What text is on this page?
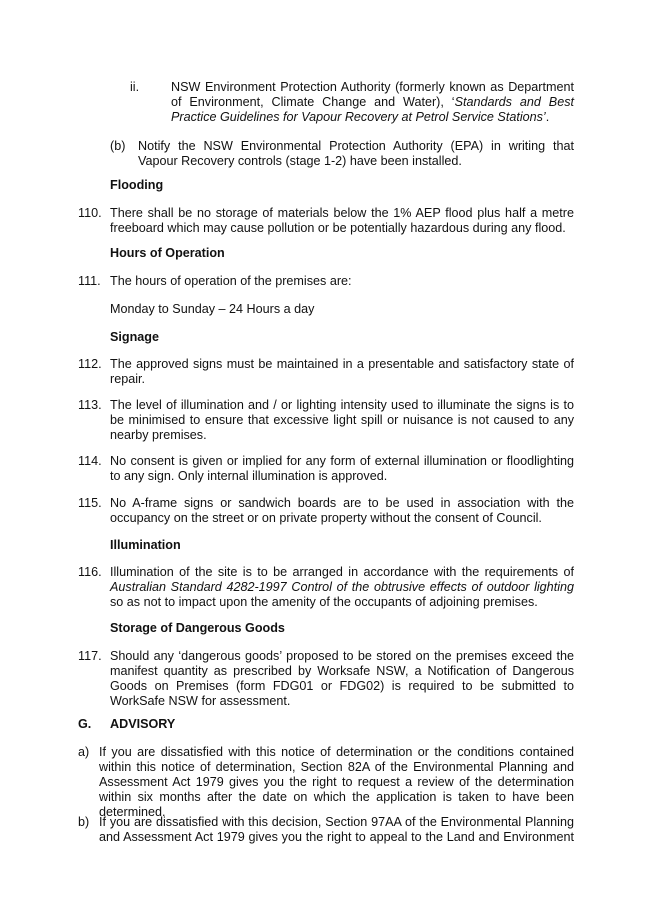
ii.	NSW Environment Protection Authority (formerly known as Department of Environment, Climate Change and Water), ‘Standards and Best Practice Guidelines for Vapour Recovery at Petrol Service Stations’.
(b) Notify the NSW Environmental Protection Authority (EPA) in writing that Vapour Recovery controls (stage 1-2) have been installed.
Flooding
110. There shall be no storage of materials below the 1% AEP flood plus half a metre freeboard which may cause pollution or be potentially hazardous during any flood.
Hours of Operation
111. The hours of operation of the premises are:
Monday to Sunday – 24 Hours a day
Signage
112. The approved signs must be maintained in a presentable and satisfactory state of repair.
113. The level of illumination and / or lighting intensity used to illuminate the signs is to be minimised to ensure that excessive light spill or nuisance is not caused to any nearby premises.
114. No consent is given or implied for any form of external illumination or floodlighting to any sign. Only internal illumination is approved.
115. No A-frame signs or sandwich boards are to be used in association with the occupancy on the street or on private property without the consent of Council.
Illumination
116. Illumination of the site is to be arranged in accordance with the requirements of Australian Standard 4282-1997 Control of the obtrusive effects of outdoor lighting so as not to impact upon the amenity of the occupants of adjoining premises.
Storage of Dangerous Goods
117. Should any ‘dangerous goods’ proposed to be stored on the premises exceed the manifest quantity as prescribed by Worksafe NSW, a Notification of Dangerous Goods on Premises (form FDG01 or FDG02) is required to be submitted to WorkSafe NSW for assessment.
G. ADVISORY
a) If you are dissatisfied with this notice of determination or the conditions contained within this notice of determination, Section 82A of the Environmental Planning and Assessment Act 1979 gives you the right to request a review of the determination within six months after the date on which the application is taken to have been determined.
b) If you are dissatisfied with this decision, Section 97AA of the Environmental Planning and Assessment Act 1979 gives you the right to appeal to the Land and Environment
